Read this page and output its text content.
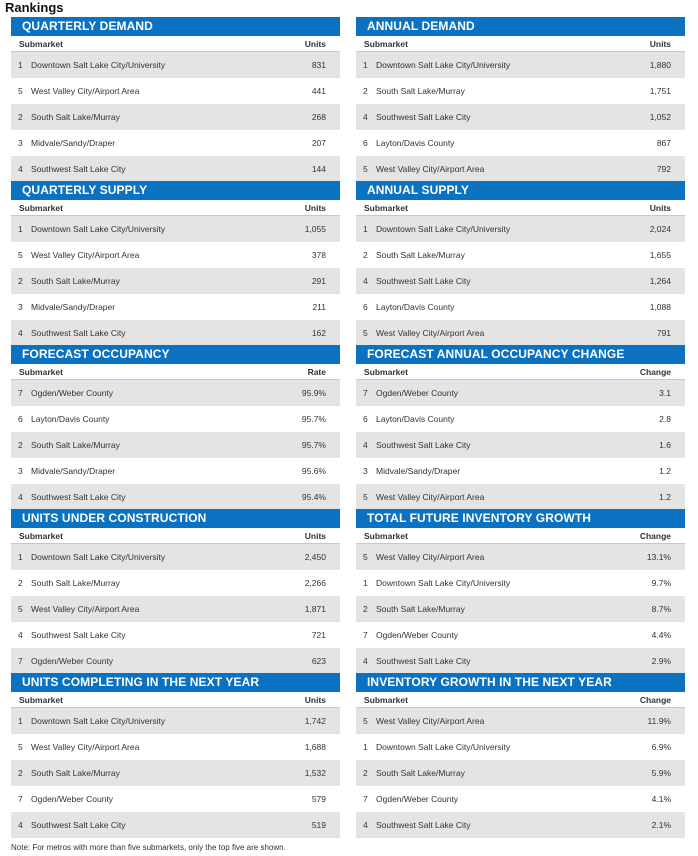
Rankings
QUARTERLY DEMAND
Submarket	Units
1 Downtown Salt Lake City/University	831
5 West Valley City/Airport Area	441
2 South Salt Lake/Murray	268
3 Midvale/Sandy/Draper	207
4 Southwest Salt Lake City	144
ANNUAL DEMAND
Submarket	Units
1 Downtown Salt Lake City/University	1,880
2 South Salt Lake/Murray	1,751
4 Southwest Salt Lake City	1,052
6 Layton/Davis County	867
5 West Valley City/Airport Area	792
QUARTERLY SUPPLY
Submarket	Units
1 Downtown Salt Lake City/University	1,055
5 West Valley City/Airport Area	378
2 South Salt Lake/Murray	291
3 Midvale/Sandy/Draper	211
4 Southwest Salt Lake City	162
ANNUAL SUPPLY
Submarket	Units
1 Downtown Salt Lake City/University	2,024
2 South Salt Lake/Murray	1,655
4 Southwest Salt Lake City	1,264
6 Layton/Davis County	1,088
5 West Valley City/Airport Area	791
FORECAST OCCUPANCY
Submarket	Rate
7 Ogden/Weber County	95.9%
6 Layton/Davis County	95.7%
2 South Salt Lake/Murray	95.7%
3 Midvale/Sandy/Draper	95.6%
4 Southwest Salt Lake City	95.4%
FORECAST ANNUAL OCCUPANCY CHANGE
Submarket	Change
7 Ogden/Weber County	3.1
6 Layton/Davis County	2.8
4 Southwest Salt Lake City	1.6
3 Midvale/Sandy/Draper	1.2
5 West Valley City/Airport Area	1.2
UNITS UNDER CONSTRUCTION
Submarket	Units
1 Downtown Salt Lake City/University	2,450
2 South Salt Lake/Murray	2,266
5 West Valley City/Airport Area	1,871
4 Southwest Salt Lake City	721
7 Ogden/Weber County	623
TOTAL FUTURE INVENTORY GROWTH
Submarket	Change
5 West Valley City/Airport Area	13.1%
1 Downtown Salt Lake City/University	9.7%
2 South Salt Lake/Murray	8.7%
7 Ogden/Weber County	4.4%
4 Southwest Salt Lake City	2.9%
UNITS COMPLETING IN THE NEXT YEAR
Submarket	Units
1 Downtown Salt Lake City/University	1,742
5 West Valley City/Airport Area	1,688
2 South Salt Lake/Murray	1,532
7 Ogden/Weber County	579
4 Southwest Salt Lake City	519
INVENTORY GROWTH IN THE NEXT YEAR
Submarket	Change
5 West Valley City/Airport Area	11.9%
1 Downtown Salt Lake City/University	6.9%
2 South Salt Lake/Murray	5.9%
7 Ogden/Weber County	4.1%
4 Southwest Salt Lake City	2.1%
Note: For metros with more than five submarkets, only the top five are shown.
